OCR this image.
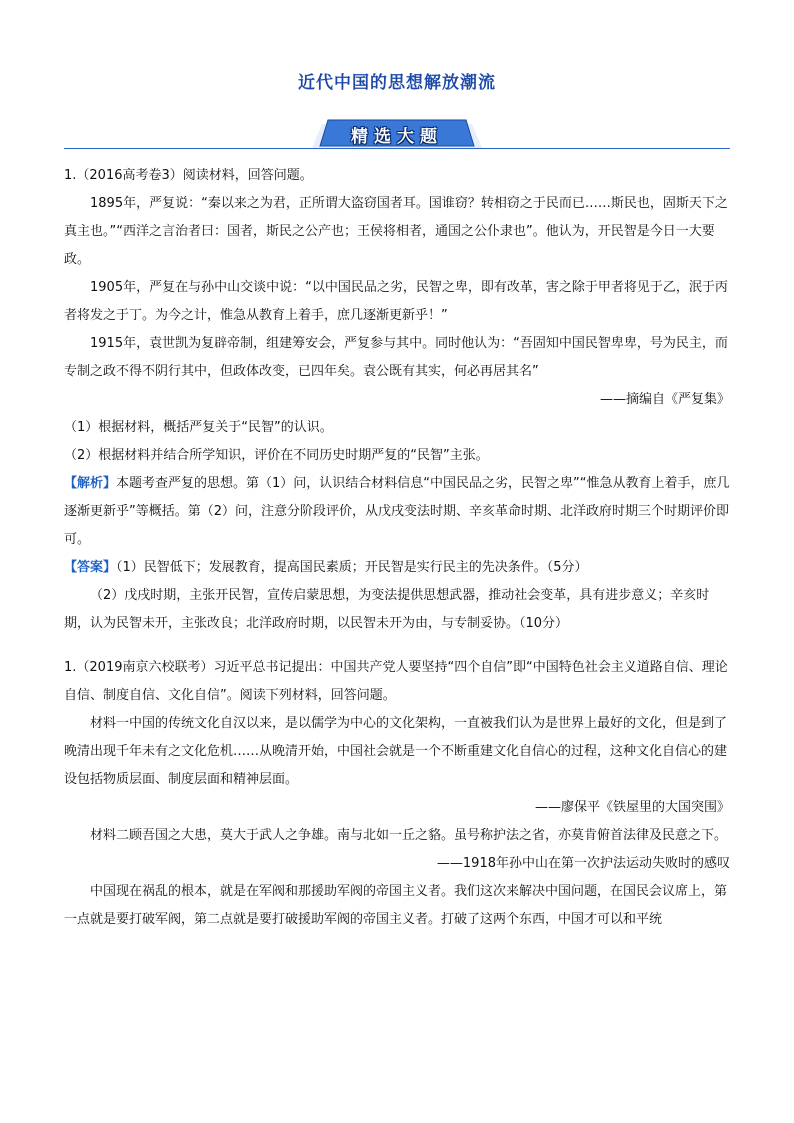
近代中国的思想解放潮流
精选大题

1.（2016高考卷3）阅读材料，回答问题。

1895年，严复说：“秦以来之为君，正所谓大盗窃国者耳。国谁窃？转相窃之于民而已……斯民也，固斯天下之真主也。”“西洋之言治者曰：国者，斯民之公产也；王侯将相者，通国之公仆隶也”。他认为，开民智是今日一大要政。

1905年，严复在与孙中山交谈中说：“以中国民品之劣，民智之卑，即有改革，害之除于甲者将见于乙，泯于丙者将发之于丁。为今之计，惟急从教育上着手，庶几逐渐更新乎！”

1915年，袁世凯为复辟帝制，组建筹安会，严复参与其中。同时他认为：“吾固知中国民智卑卑，号为民主，而专制之政不得不阴行其中，但政体改变，已四年矣。袁公既有其实，何必再居其名”

——摘编自《严复集》

（1）根据材料，概括严复关于“民智”的认识。

（2）根据材料并结合所学知识，评价在不同历史时期严复的“民智”主张。

【解析】本题考查严复的思想。第（1）问，认识结合材料信息“中国民品之劣，民智之卑”“惟急从教育上着手，庶几逐渐更新乎”等概括。第（2）问，注意分阶段评价，从戊戌变法时期、辛亥革命时期、北洋政府时期三个时期评价即可。

【答案】（1）民智低下；发展教育，提高国民素质；开民智是实行民主的先决条件。（5分）

（2）戊戌时期，主张开民智，宣传启蒙思想，为变法提供思想武器，推动社会变革，具有进步意义；辛亥时期，认为民智未开，主张改良；北洋政府时期，以民智未开为由，与专制妥协。（10分）

1.（2019南京六校联考）习近平总书记提出：中国共产党人要坚持“四个自信”即“中国特色社会主义道路自信、理论自信、制度自信、文化自信”。阅读下列材料，回答问题。

材料一中国的传统文化自汉以来，是以儒学为中心的文化架构，一直被我们认为是世界上最好的文化，但是到了晚清出现千年未有之文化危机……从晚清开始，中国社会就是一个不断重建文化自信心的过程，这种文化自信心的建设包括物质层面、制度层面和精神层面。

——廖保平《铁屋里的大国突围》

材料二顾吾国之大患，莫大于武人之争雄。南与北如一丘之貉。虽号称护法之省，亦莫肯俯首法律及民意之下。

——1918年孙中山在第一次护法运动失败时的感叹

中国现在祸乱的根本，就是在军阀和那援助军阀的帝国主义者。我们这次来解决中国问题，在国民会议席上，第一点就是要打破军阀，第二点就是要打破援助军阀的帝国主义者。打破了这两个东西，中国才可以和平统
